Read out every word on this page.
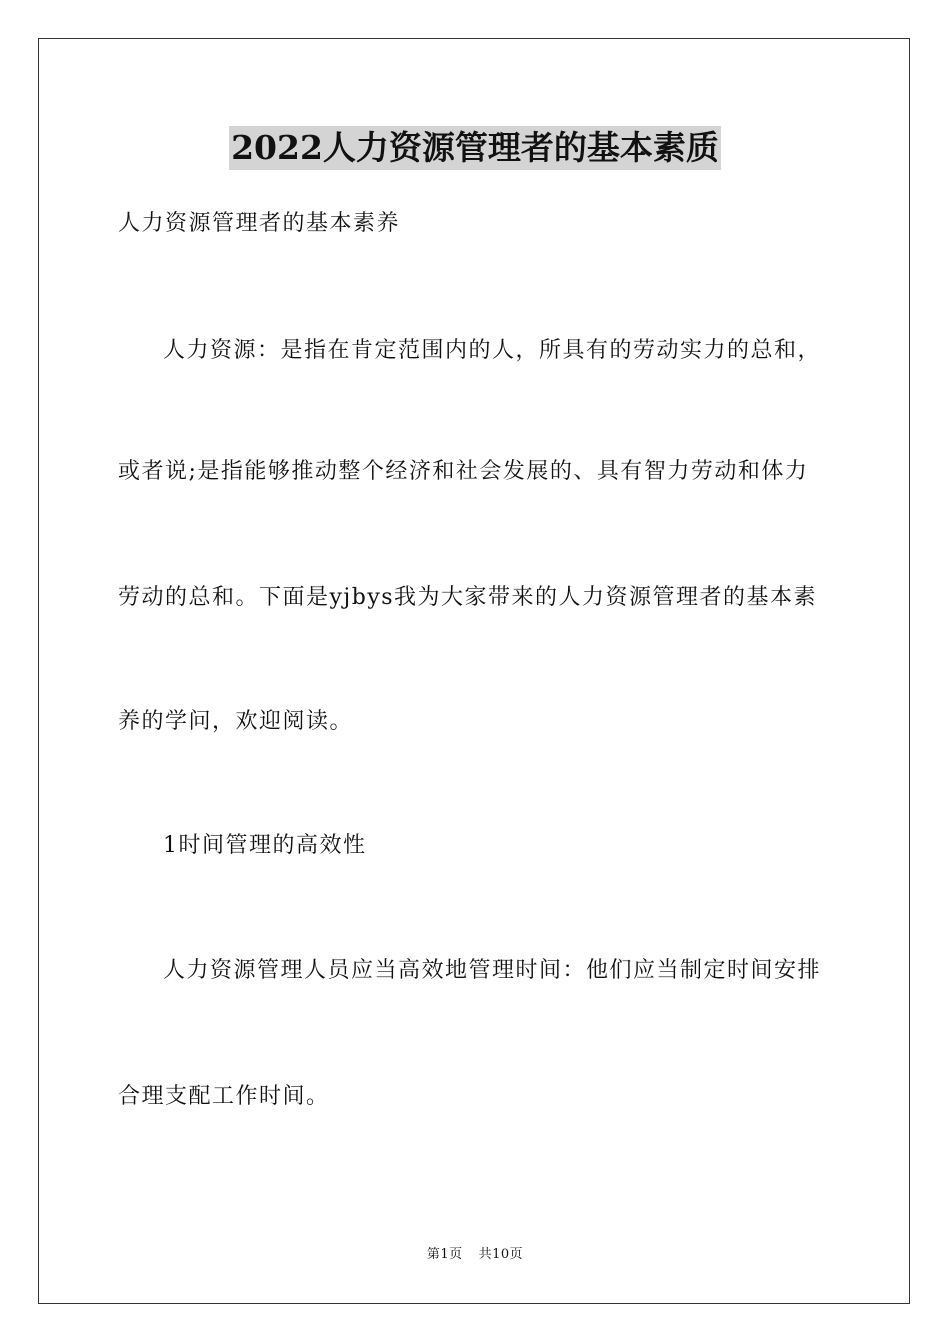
2022人力资源管理者的基本素质
人力资源管理者的基本素养
人力资源：是指在肯定范围内的人，所具有的劳动实力的总和，
或者说;是指能够推动整个经济和社会发展的、具有智力劳动和体力
劳动的总和。下面是yjbys我为大家带来的人力资源管理者的基本素
养的学问，欢迎阅读。
1时间管理的高效性
人力资源管理人员应当高效地管理时间：他们应当制定时间安排
合理支配工作时间。
第1页 共10页
